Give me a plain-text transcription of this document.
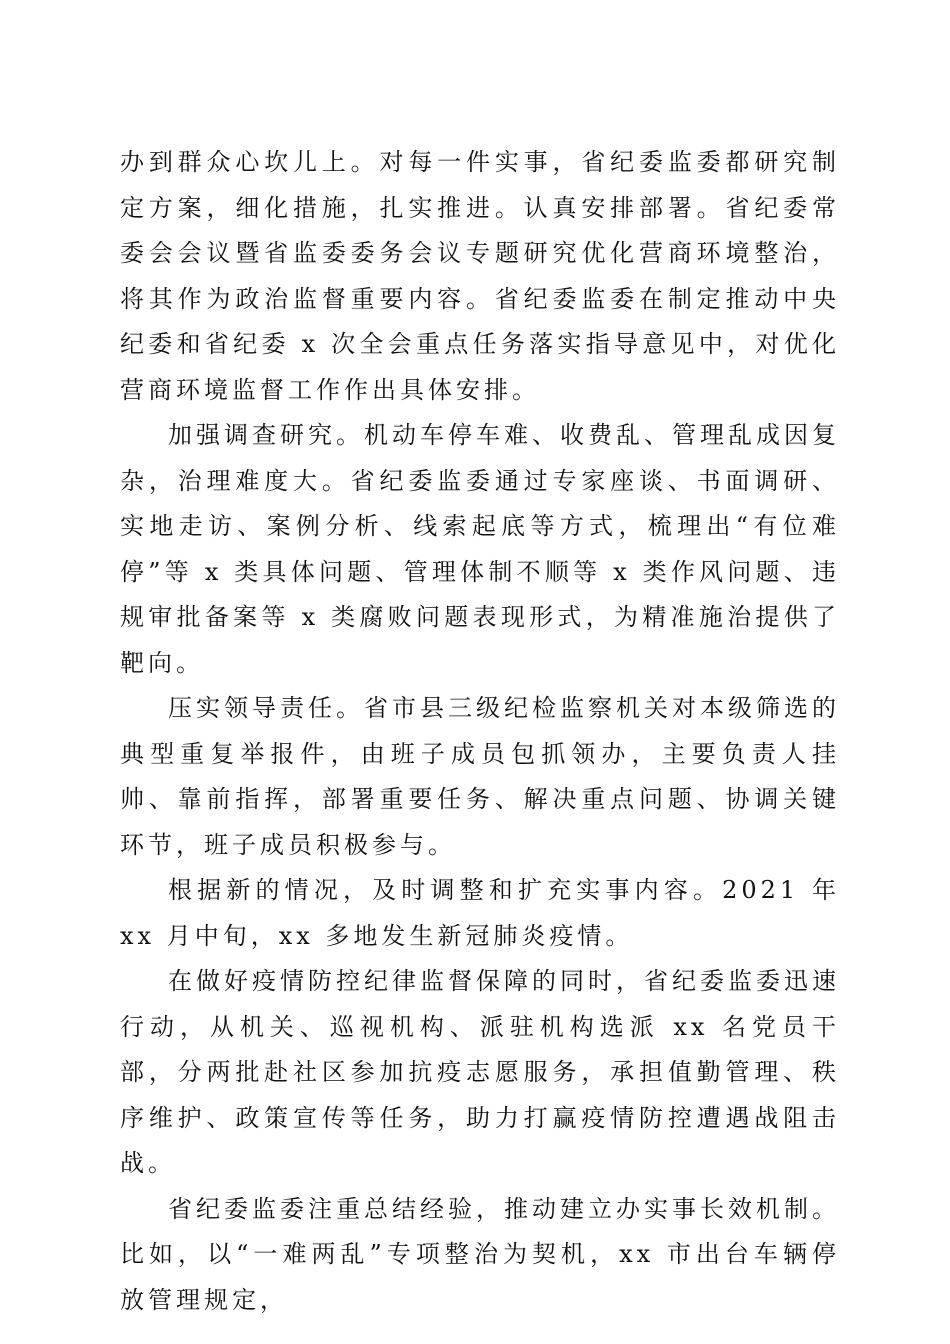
办到群众心坎儿上。对每一件实事，省纪委监委都研究制定方案，细化措施，扎实推进。认真安排部署。省纪委常委会会议暨省监委委务会议专题研究优化营商环境整治，将其作为政治监督重要内容。省纪委监委在制定推动中央纪委和省纪委 x 次全会重点任务落实指导意见中，对优化营商环境监督工作作出具体安排。

加强调查研究。机动车停车难、收费乱、管理乱成因复杂，治理难度大。省纪委监委通过专家座谈、书面调研、实地走访、案例分析、线索起底等方式，梳理出“有位难停”等 x 类具体问题、管理体制不顺等 x 类作风问题、违规审批备案等 x 类腐败问题表现形式，为精准施治提供了靶向。

压实领导责任。省市县三级纪检监察机关对本级筛选的典型重复举报件，由班子成员包抓领办，主要负责人挂帅、靠前指挥，部署重要任务、解决重点问题、协调关键环节，班子成员积极参与。

根据新的情况，及时调整和扩充实事内容。2021 年 xx 月中旬，xx 多地发生新冠肺炎疫情。

在做好疫情防控纪律监督保障的同时，省纪委监委迅速行动，从机关、巡视机构、派驻机构选派 xx 名党员干部，分两批赴社区参加抗疫志愿服务，承担值勤管理、秩序维护、政策宣传等任务，助力打赢疫情防控遭遇战阻击战。

省纪委监委注重总结经验，推动建立办实事长效机制。比如，以“一难两乱”专项整治为契机，xx 市出台车辆停放管理规定，
